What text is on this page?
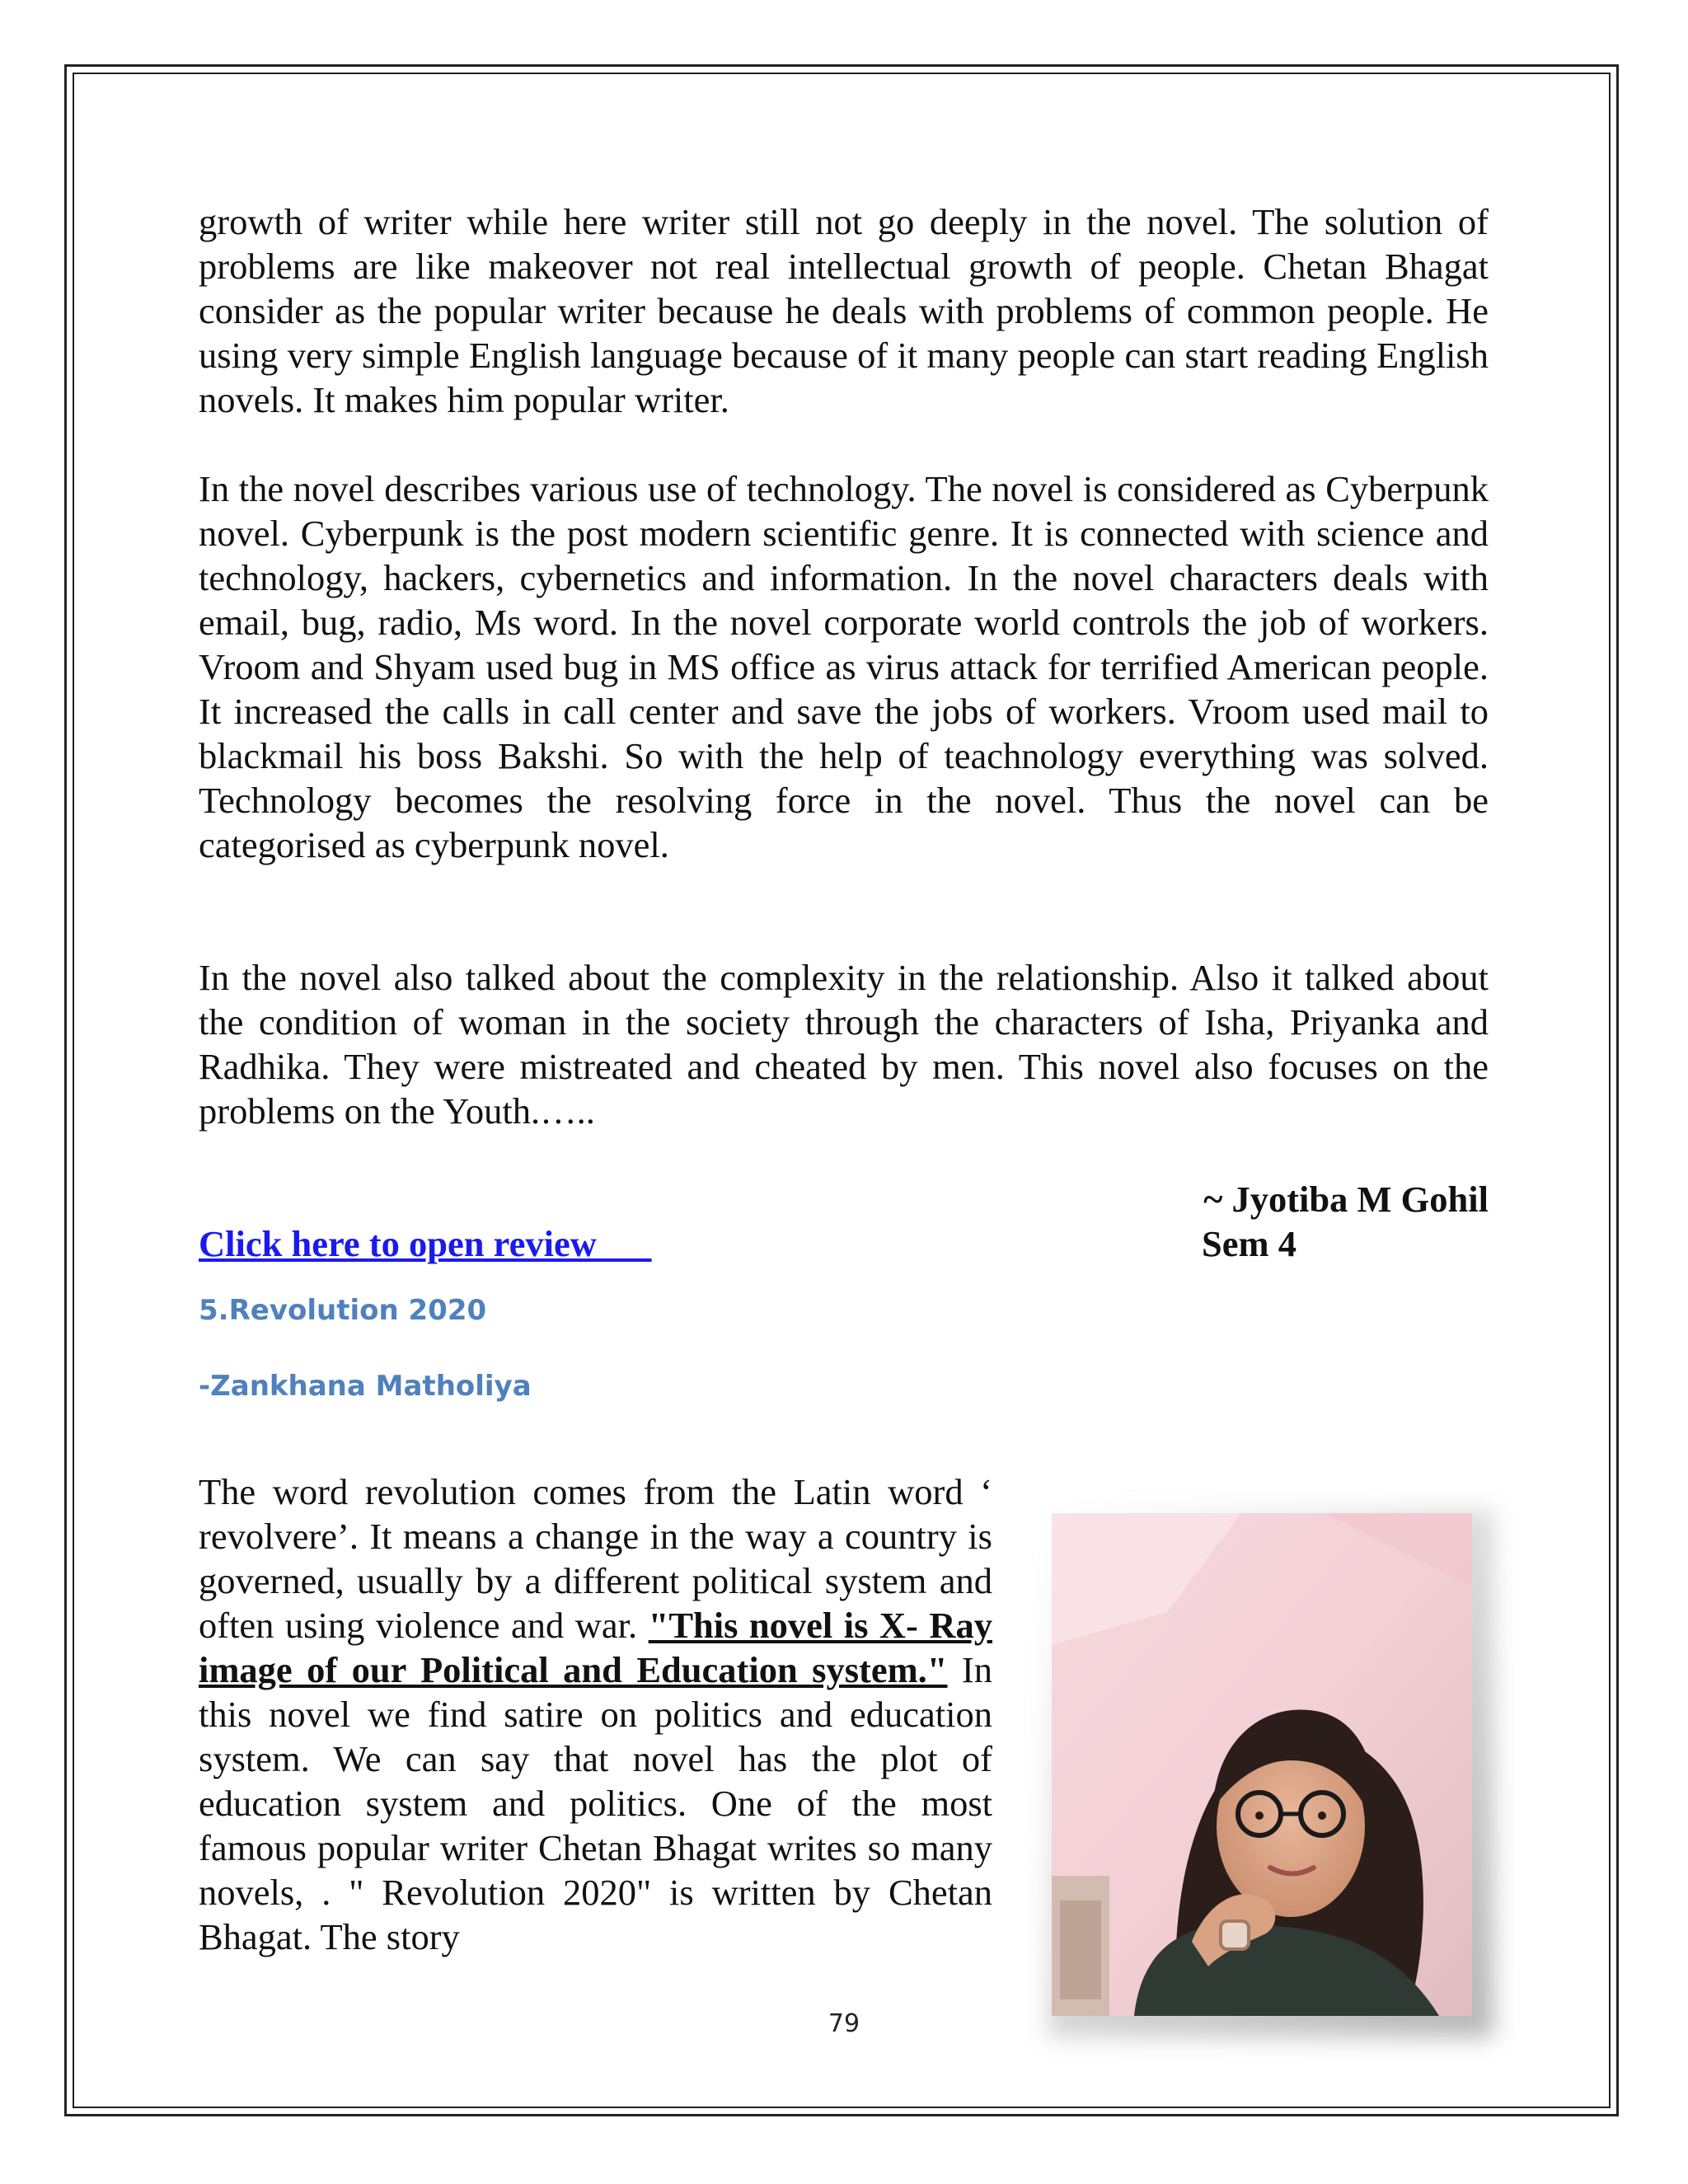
growth of writer while here writer still not go deeply in the novel. The solution of problems are like makeover not real intellectual growth of people. Chetan Bhagat consider as the popular writer because he deals with problems of common people. He using very simple English language because of it many people can start reading English novels. It makes him popular writer.

In the novel describes various use of technology. The novel is considered as Cyberpunk novel. Cyberpunk is the post modern scientific genre. It is connected with science and technology, hackers, cybernetics and information. In the novel characters deals with email, bug, radio, Ms word. In the novel corporate world controls the job of workers. Vroom and Shyam used bug in MS office as virus attack for terrified American people. It increased the calls in call center and save the jobs of workers. Vroom used mail to blackmail his boss Bakshi. So with the help of teachnology everything was solved. Technology becomes the resolving force in the novel. Thus the novel can be categorised as cyberpunk novel.

In the novel also talked about the complexity in the relationship. Also it talked about the condition of woman in the society through the characters of Isha, Priyanka and Radhika. They were mistreated and cheated by men. This novel also focuses on the problems on the Youth.…..

~ Jyotiba M Gohil
Click here to open review	Sem 4
5.Revolution 2020
-Zankhana Matholiya

The word revolution comes from the Latin word ‘ revolvere’. It means a change in the way a country is governed, usually by a different political system and often using violence and war. "This novel is X- Ray image of our Political and Education system." In this novel we find satire on politics and education system. We can say that novel has the plot of education system and politics. One of the most famous popular writer Chetan Bhagat writes so many novels, . " Revolution 2020" is written by Chetan Bhagat. The story

79
